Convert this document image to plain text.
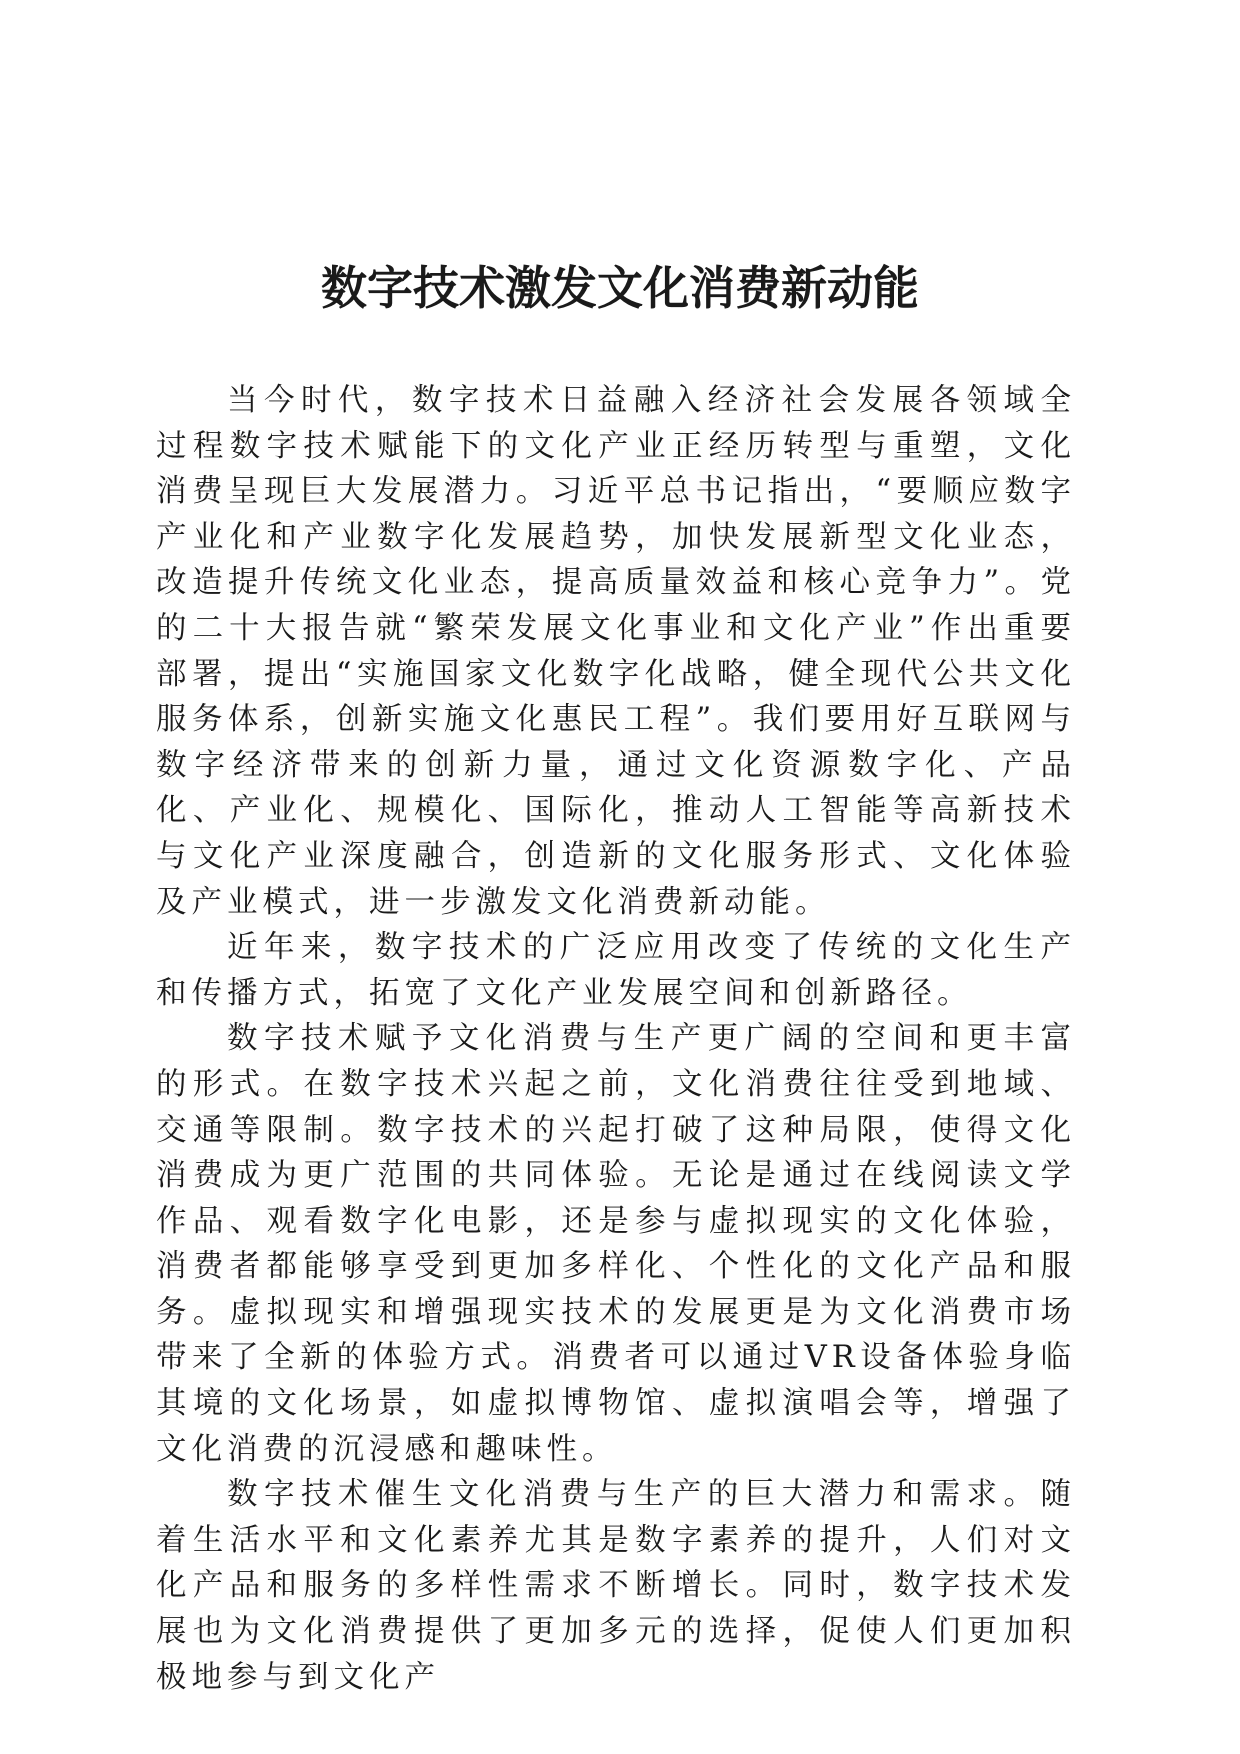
数字技术激发文化消费新动能

当今时代，数字技术日益融入经济社会发展各领域全过程数字技术赋能下的文化产业正经历转型与重塑，文化消费呈现巨大发展潜力。习近平总书记指出，“要顺应数字产业化和产业数字化发展趋势，加快发展新型文化业态，改造提升传统文化业态，提高质量效益和核心竞争力”。党的二十大报告就“繁荣发展文化事业和文化产业”作出重要部署，提出“实施国家文化数字化战略，健全现代公共文化服务体系，创新实施文化惠民工程”。我们要用好互联网与数字经济带来的创新力量，通过文化资源数字化、产品化、产业化、规模化、国际化，推动人工智能等高新技术与文化产业深度融合，创造新的文化服务形式、文化体验及产业模式，进一步激发文化消费新动能。

近年来，数字技术的广泛应用改变了传统的文化生产和传播方式，拓宽了文化产业发展空间和创新路径。

数字技术赋予文化消费与生产更广阔的空间和更丰富的形式。在数字技术兴起之前，文化消费往往受到地域、交通等限制。数字技术的兴起打破了这种局限，使得文化消费成为更广范围的共同体验。无论是通过在线阅读文学作品、观看数字化电影，还是参与虚拟现实的文化体验，消费者都能够享受到更加多样化、个性化的文化产品和服务。虚拟现实和增强现实技术的发展更是为文化消费市场带来了全新的体验方式。消费者可以通过VR设备体验身临其境的文化场景，如虚拟博物馆、虚拟演唱会等，增强了文化消费的沉浸感和趣味性。

数字技术催生文化消费与生产的巨大潜力和需求。随着生活水平和文化素养尤其是数字素养的提升，人们对文化产品和服务的多样性需求不断增长。同时，数字技术发展也为文化消费提供了更加多元的选择，促使人们更加积极地参与到文化产
